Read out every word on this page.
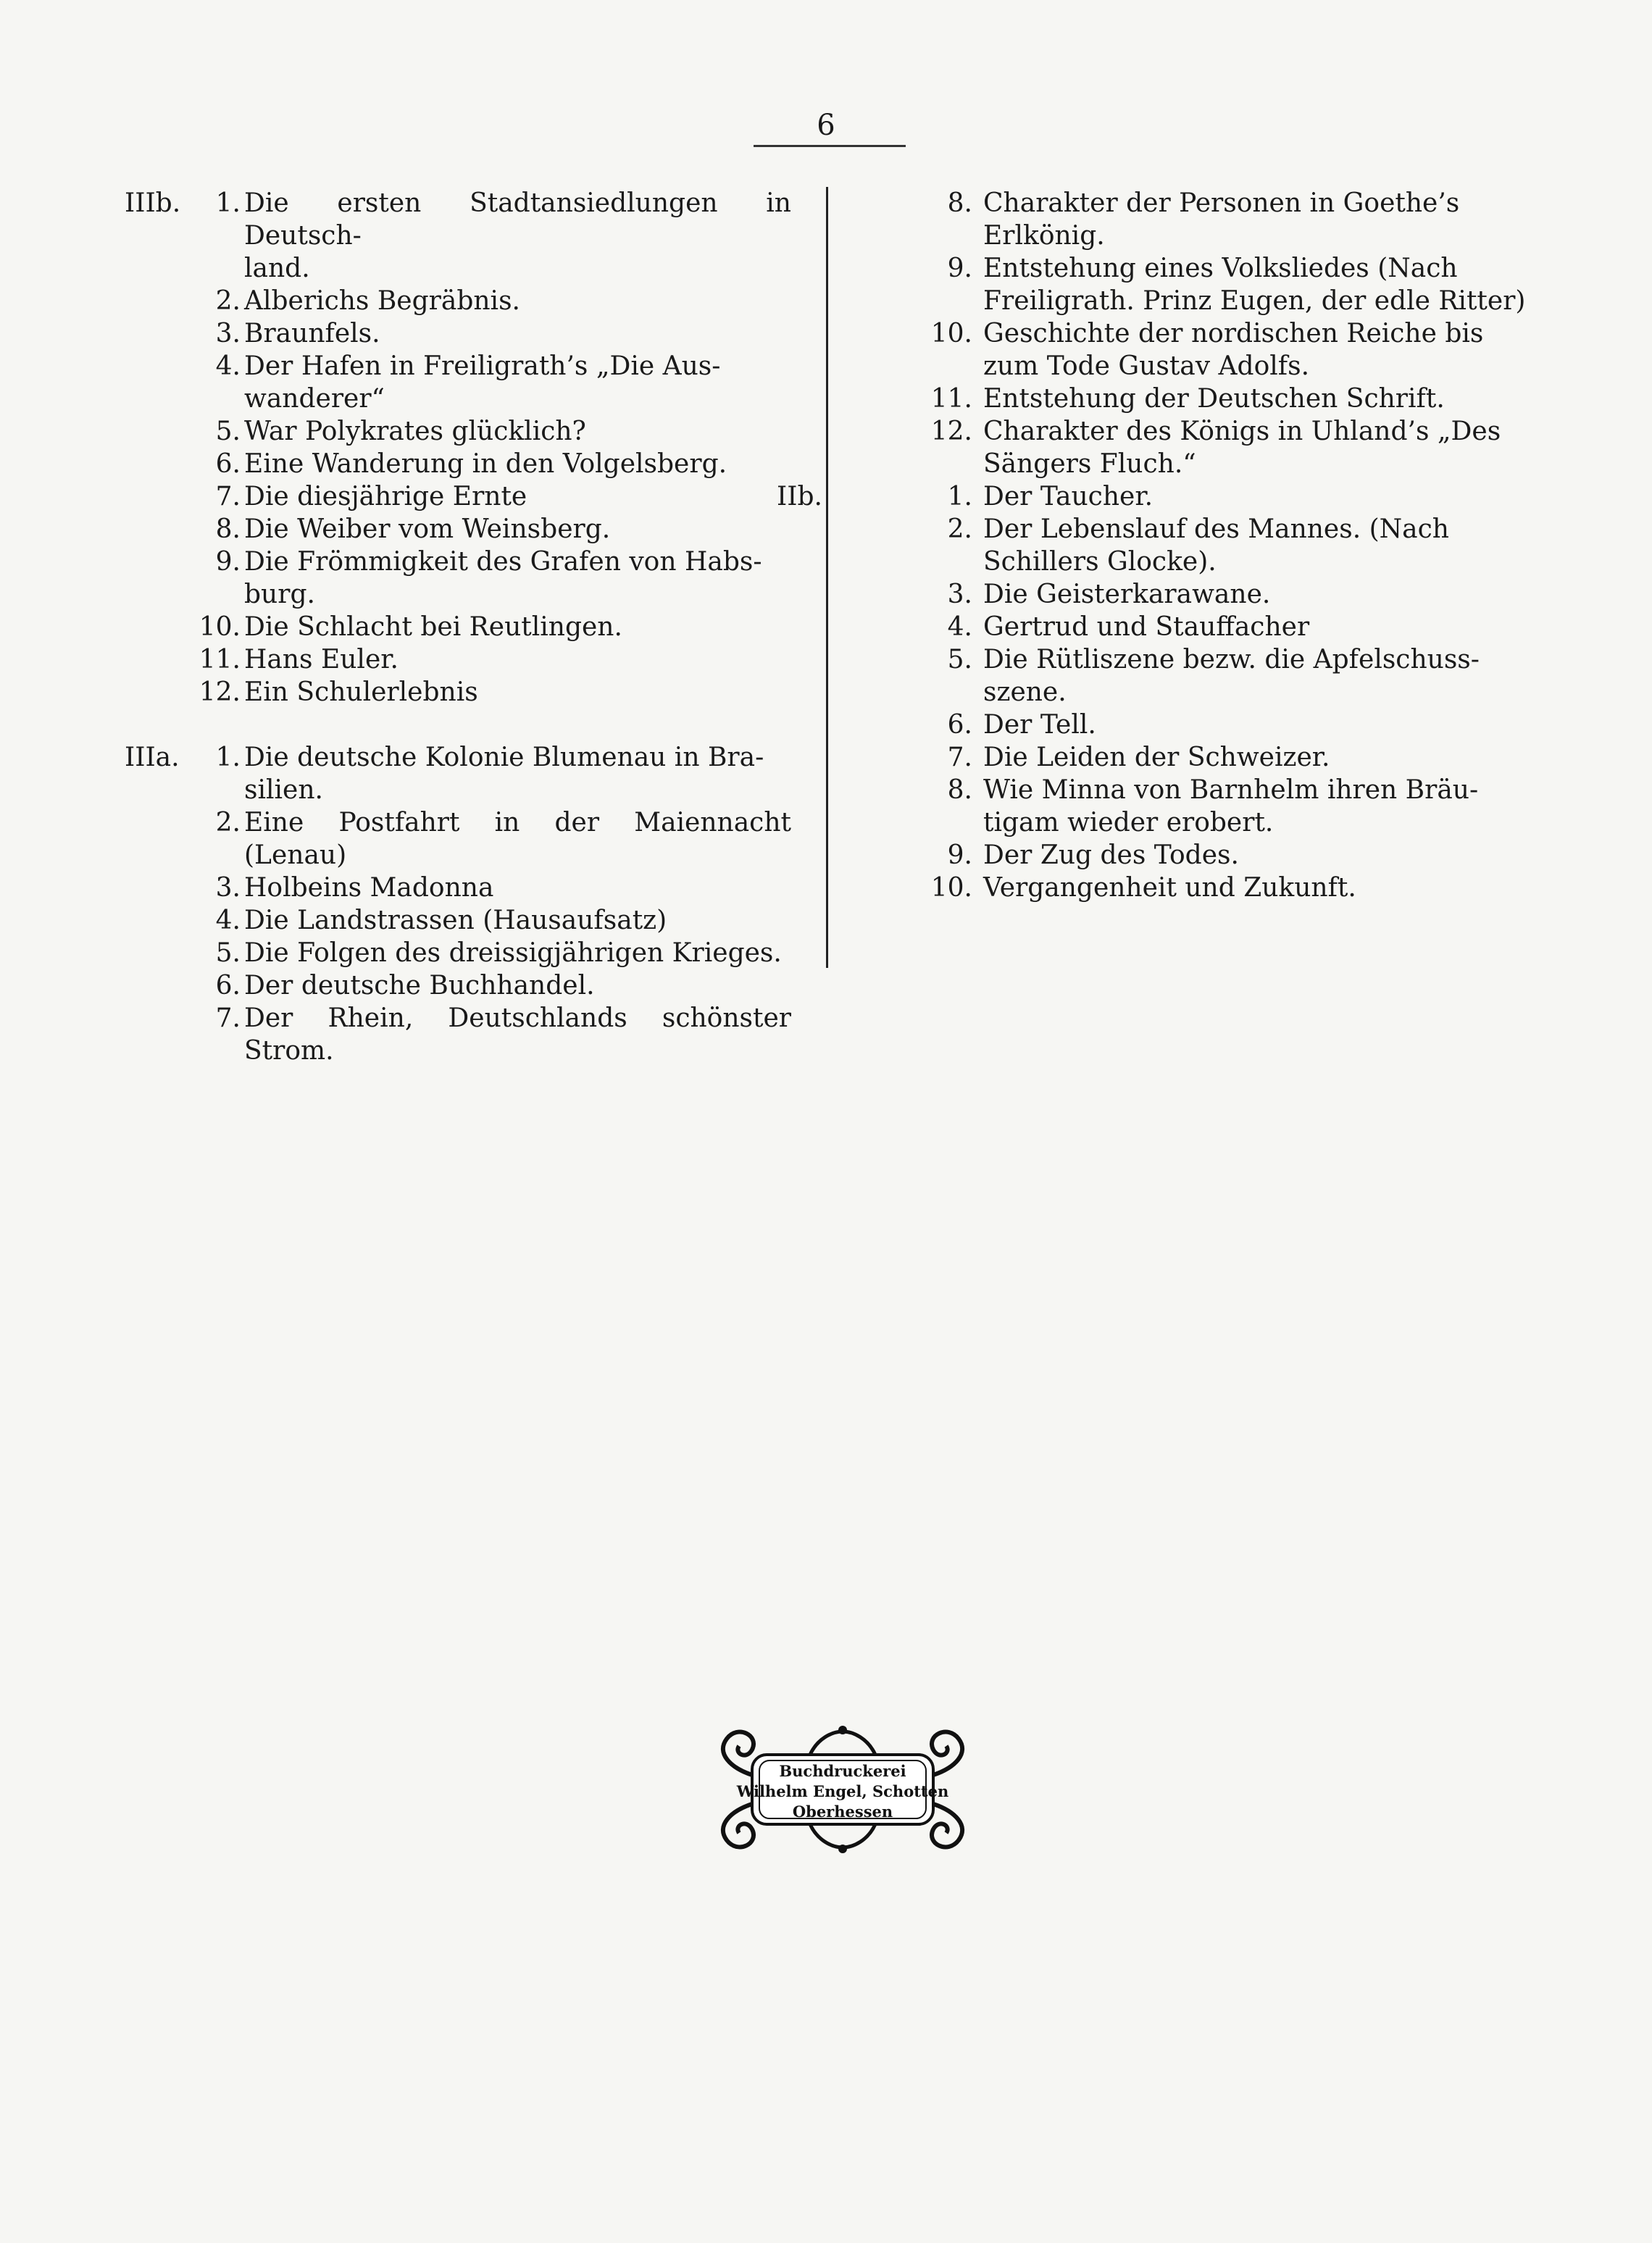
6
IIIb.	1. Die ersten Stadtansiedlungen in Deutsch-
land.
2. Alberichs Begräbnis.
3. Braunfels.
4. Der Hafen in Freiligrath’s „Die Aus-
wanderer“
5. War Polykrates glücklich?
6. Eine Wanderung in den Volgelsberg.
7. Die diesjährige Ernte
8. Die Weiber vom Weinsberg.
9. Die Frömmigkeit des Grafen von Habs-
burg.
10. Die Schlacht bei Reutlingen.
11. Hans Euler.
12. Ein Schulerlebnis
IIIa.	1. Die deutsche Kolonie Blumenau in Bra-
silien.
2. Eine Postfahrt in der Maiennacht (Lenau)
3. Holbeins Madonna
4. Die Landstrassen (Hausaufsatz)
5. Die Folgen des dreissigjährigen Krieges.
6. Der deutsche Buchhandel.
7. Der Rhein, Deutschlands schönster Strom.
8. Charakter der Personen in Goethe’s
Erlkönig.
9. Entstehung eines Volksliedes (Nach
Freiligrath. Prinz Eugen, der edle Ritter)
10. Geschichte der nordischen Reiche bis
zum Tode Gustav Adolfs.
11. Entstehung der Deutschen Schrift.
12. Charakter des Königs in Uhland’s „Des
Sängers Fluch.“
IIb.	1. Der Taucher.
2. Der Lebenslauf des Mannes. (Nach
Schillers Glocke).
3. Die Geisterkarawane.
4. Gertrud und Stauffacher
5. Die Rütliszene bezw. die Apfelschuss-
szene.
6. Der Tell.
7. Die Leiden der Schweizer.
8. Wie Minna von Barnhelm ihren Bräu-
tigam wieder erobert.
9. Der Zug des Todes.
10. Vergangenheit und Zukunft.
Buchdruckerei
Wilhelm Engel, Schotten
Oberhessen
